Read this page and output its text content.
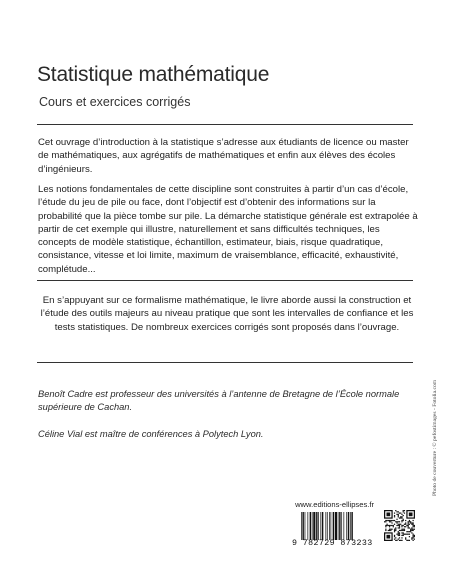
Statistique mathématique
Cours et exercices corrigés

Cet ouvrage d’introduction à la statistique s’adresse aux étudiants de licence ou master de mathématiques, aux agrégatifs de mathématiques et enfin aux élèves des écoles d’ingénieurs.

Les notions fondamentales de cette discipline sont construites à partir d’un cas d’école, l’étude du jeu de pile ou face, dont l’objectif est d’obtenir des informations sur la probabilité que la pièce tombe sur pile. La démarche statistique générale est extrapolée à partir de cet exemple qui illustre, naturellement et sans difficultés techniques, les concepts de modèle statistique, échantillon, estimateur, biais, risque quadratique, consistance, vitesse et loi limite, maximum de vraisemblance, efficacité, exhaustivité, complétude...

En s’appuyant sur ce formalisme mathématique, le livre aborde aussi la construction et l’étude des outils majeurs au niveau pratique que sont les intervalles de confiance et les tests statistiques. De nombreux exercices corrigés sont proposés dans l’ouvrage.

Benoît Cadre est professeur des universités à l’antenne de Bretagne de l’École normale supérieure de Cachan.

Céline Vial est maître de conférences à Polytech Lyon.	Photo de couverture : © pefostimages - Fotolia.com
www.editions-ellipses.fr
9 782729 873233
